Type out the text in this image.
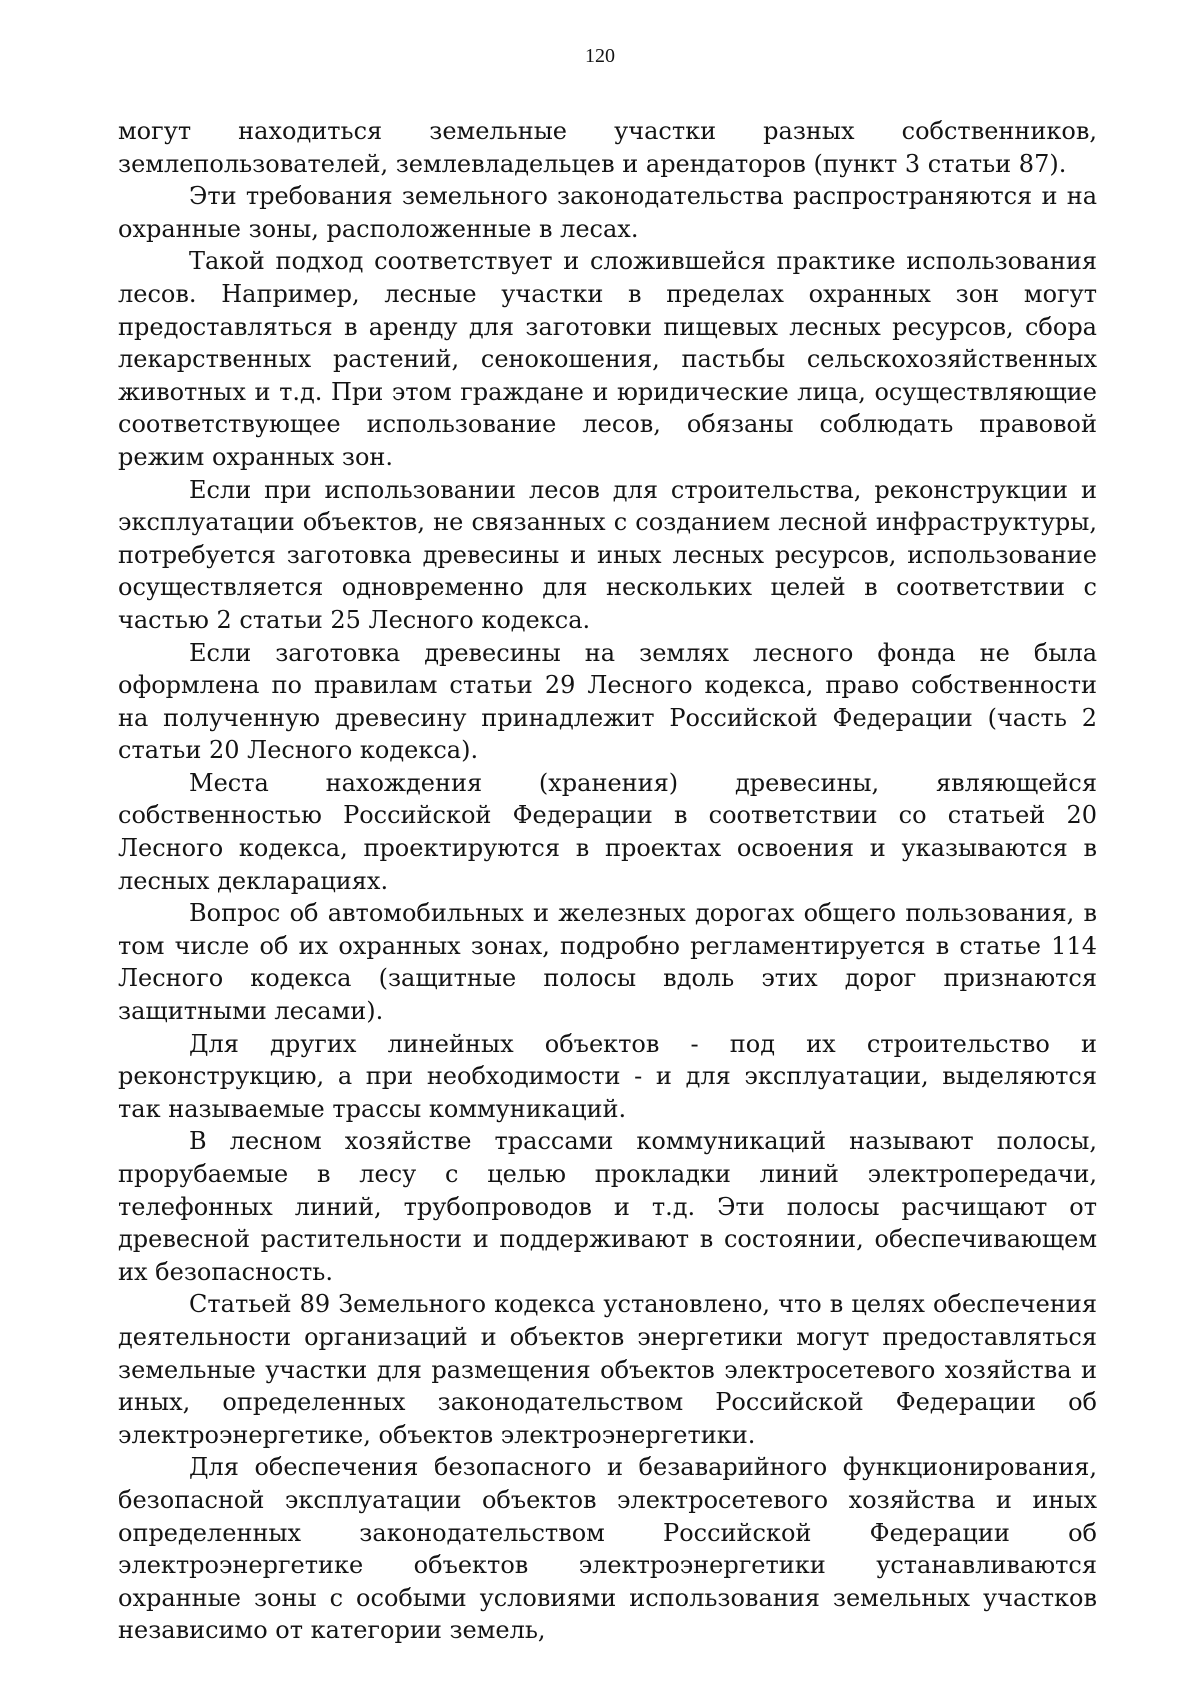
120

могут находиться земельные участки разных собственников, землепользователей, землевладельцев и арендаторов (пункт 3 статьи 87).

Эти требования земельного законодательства распространяются и на охранные зоны, расположенные в лесах.

Такой подход соответствует и сложившейся практике использования лесов. Например, лесные участки в пределах охранных зон могут предоставляться в аренду для заготовки пищевых лесных ресурсов, сбора лекарственных растений, сенокошения, пастьбы сельскохозяйственных животных и т.д. При этом граждане и юридические лица, осуществляющие соответствующее использование лесов, обязаны соблюдать правовой режим охранных зон.

Если при использовании лесов для строительства, реконструкции и эксплуатации объектов, не связанных с созданием лесной инфраструктуры, потребуется заготовка древесины и иных лесных ресурсов, использование осуществляется одновременно для нескольких целей в соответствии с частью 2 статьи 25 Лесного кодекса.

Если заготовка древесины на землях лесного фонда не была оформлена по правилам статьи 29 Лесного кодекса, право собственности на полученную древесину принадлежит Российской Федерации (часть 2 статьи 20 Лесного кодекса).

Места нахождения (хранения) древесины, являющейся собственностью Российской Федерации в соответствии со статьей 20 Лесного кодекса, проектируются в проектах освоения и указываются в лесных декларациях.

Вопрос об автомобильных и железных дорогах общего пользования, в том числе об их охранных зонах, подробно регламентируется в статье 114 Лесного кодекса (защитные полосы вдоль этих дорог признаются защитными лесами).

Для других линейных объектов - под их строительство и реконструкцию, а при необходимости - и для эксплуатации, выделяются так называемые трассы коммуникаций.

В лесном хозяйстве трассами коммуникаций называют полосы, прорубаемые в лесу с целью прокладки линий электропередачи, телефонных линий, трубопроводов и т.д. Эти полосы расчищают от древесной растительности и поддерживают в состоянии, обеспечивающем их безопасность.

Статьей 89 Земельного кодекса установлено, что в целях обеспечения деятельности организаций и объектов энергетики могут предоставляться земельные участки для размещения объектов электросетевого хозяйства и иных, определенных законодательством Российской Федерации об электроэнергетике, объектов электроэнергетики.

Для обеспечения безопасного и безаварийного функционирования, безопасной эксплуатации объектов электросетевого хозяйства и иных определенных законодательством Российской Федерации об электроэнергетике объектов электроэнергетики устанавливаются охранные зоны с особыми условиями использования земельных участков независимо от категории земель,
